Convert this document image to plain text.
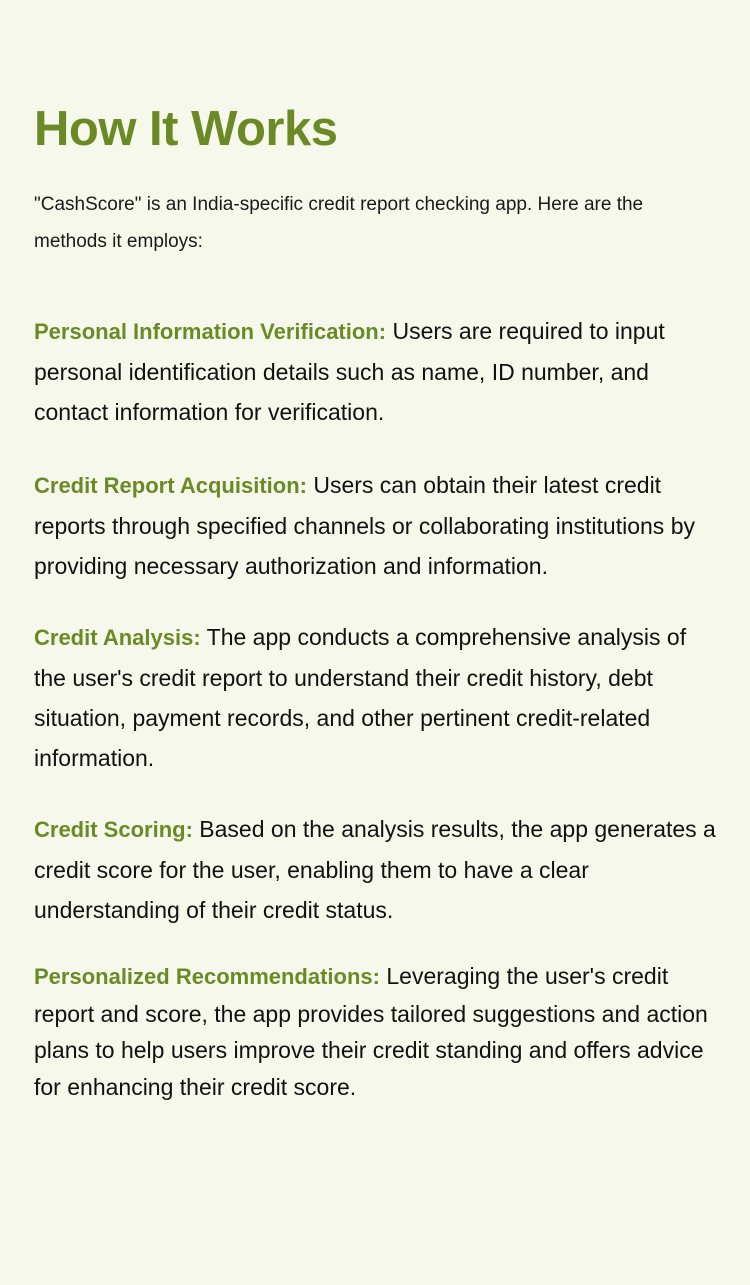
How It Works

"CashScore" is an India-specific credit report checking app. Here are the methods it employs:

Personal Information Verification: Users are required to input personal identification details such as name, ID number, and contact information for verification.
Credit Report Acquisition: Users can obtain their latest credit reports through specified channels or collaborating institutions by providing necessary authorization and information.
Credit Analysis: The app conducts a comprehensive analysis of the user's credit report to understand their credit history, debt situation, payment records, and other pertinent credit-related information.
Credit Scoring: Based on the analysis results, the app generates a credit score for the user, enabling them to have a clear understanding of their credit status.
Personalized Recommendations: Leveraging the user's credit report and score, the app provides tailored suggestions and action plans to help users improve their credit standing and offers advice for enhancing their credit score.
